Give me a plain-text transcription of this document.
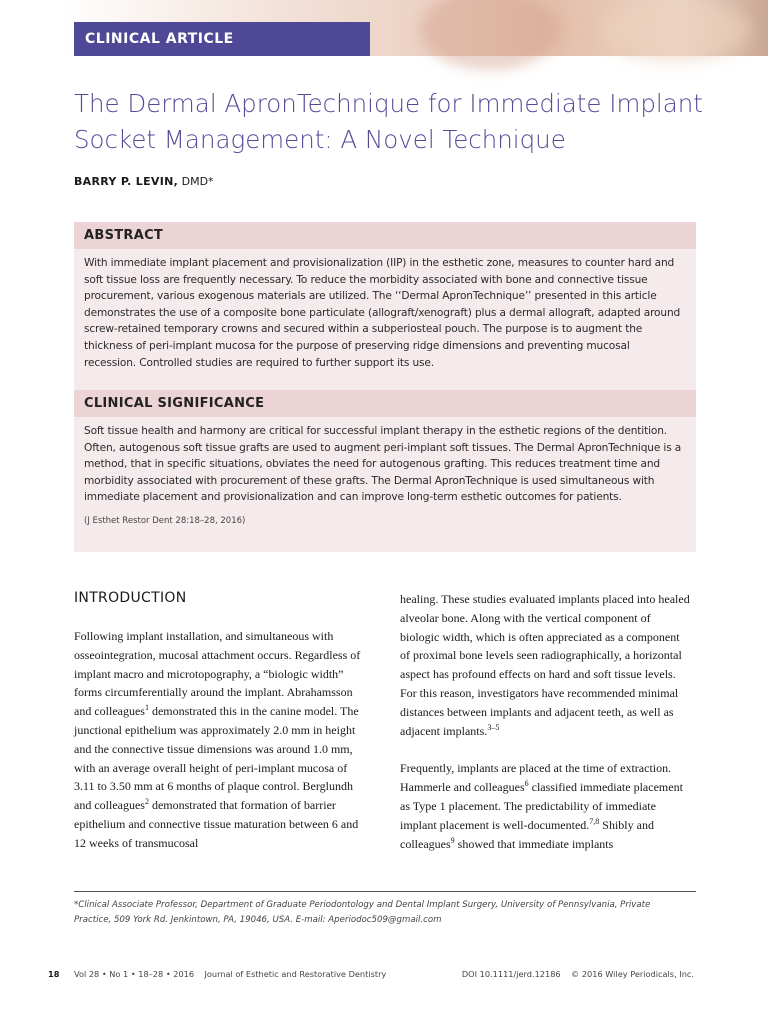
CLINICAL ARTICLE
The Dermal ApronTechnique for Immediate Implant Socket Management: A Novel Technique
BARRY P. LEVIN, DMD*
ABSTRACT
With immediate implant placement and provisionalization (IIP) in the esthetic zone, measures to counter hard and soft tissue loss are frequently necessary. To reduce the morbidity associated with bone and connective tissue procurement, various exogenous materials are utilized. The ‘‘Dermal ApronTechnique’’ presented in this article demonstrates the use of a composite bone particulate (allograft/xenograft) plus a dermal allograft, adapted around screw-retained temporary crowns and secured within a subperiosteal pouch. The purpose is to augment the thickness of peri-implant mucosa for the purpose of preserving ridge dimensions and preventing mucosal recession. Controlled studies are required to further support its use.
CLINICAL SIGNIFICANCE
Soft tissue health and harmony are critical for successful implant therapy in the esthetic regions of the dentition. Often, autogenous soft tissue grafts are used to augment peri-implant soft tissues. The Dermal ApronTechnique is a method, that in specific situations, obviates the need for autogenous grafting. This reduces treatment time and morbidity associated with procurement of these grafts. The Dermal ApronTechnique is used simultaneous with immediate placement and provisionalization and can improve long-term esthetic outcomes for patients.
(J Esthet Restor Dent 28:18–28, 2016)
INTRODUCTION

Following implant installation, and simultaneous with osseointegration, mucosal attachment occurs. Regardless of implant macro and microtopography, a “biologic width” forms circumferentially around the implant. Abrahamsson and colleagues$^1$ demonstrated this in the canine model. The junctional epithelium was approximately 2.0 mm in height and the connective tissue dimensions was around 1.0 mm, with an average overall height of peri-implant mucosa of 3.11 to 3.50 mm at 6 months of plaque control. Berglundh and colleagues$^2$ demonstrated that formation of barrier epithelium and connective tissue maturation between 6 and 12 weeks of transmucosal

healing. These studies evaluated implants placed into healed alveolar bone. Along with the vertical component of biologic width, which is often appreciated as a component of proximal bone levels seen radiographically, a horizontal aspect has profound effects on hard and soft tissue levels. For this reason, investigators have recommended minimal distances between implants and adjacent teeth, as well as adjacent implants.$^{3-5}$

Frequently, implants are placed at the time of extraction. Hammerle and colleagues$^6$ classified immediate placement as Type 1 placement. The predictability of immediate implant placement is well-documented.$^{7,8}$ Shibly and colleagues$^9$ showed that immediate implants

*Clinical Associate Professor, Department of Graduate Periodontology and Dental Implant Surgery, University of Pennsylvania, Private Practice, 509 York Rd. Jenkintown, PA, 19046, USA. E-mail: Aperiodoc509@gmail.com
18 Vol 28 • No 1 • 18–28 • 2016    Journal of Esthetic and Restorative Dentistry	DOI 10.1111/jerd.12186    © 2016 Wiley Periodicals, Inc.
